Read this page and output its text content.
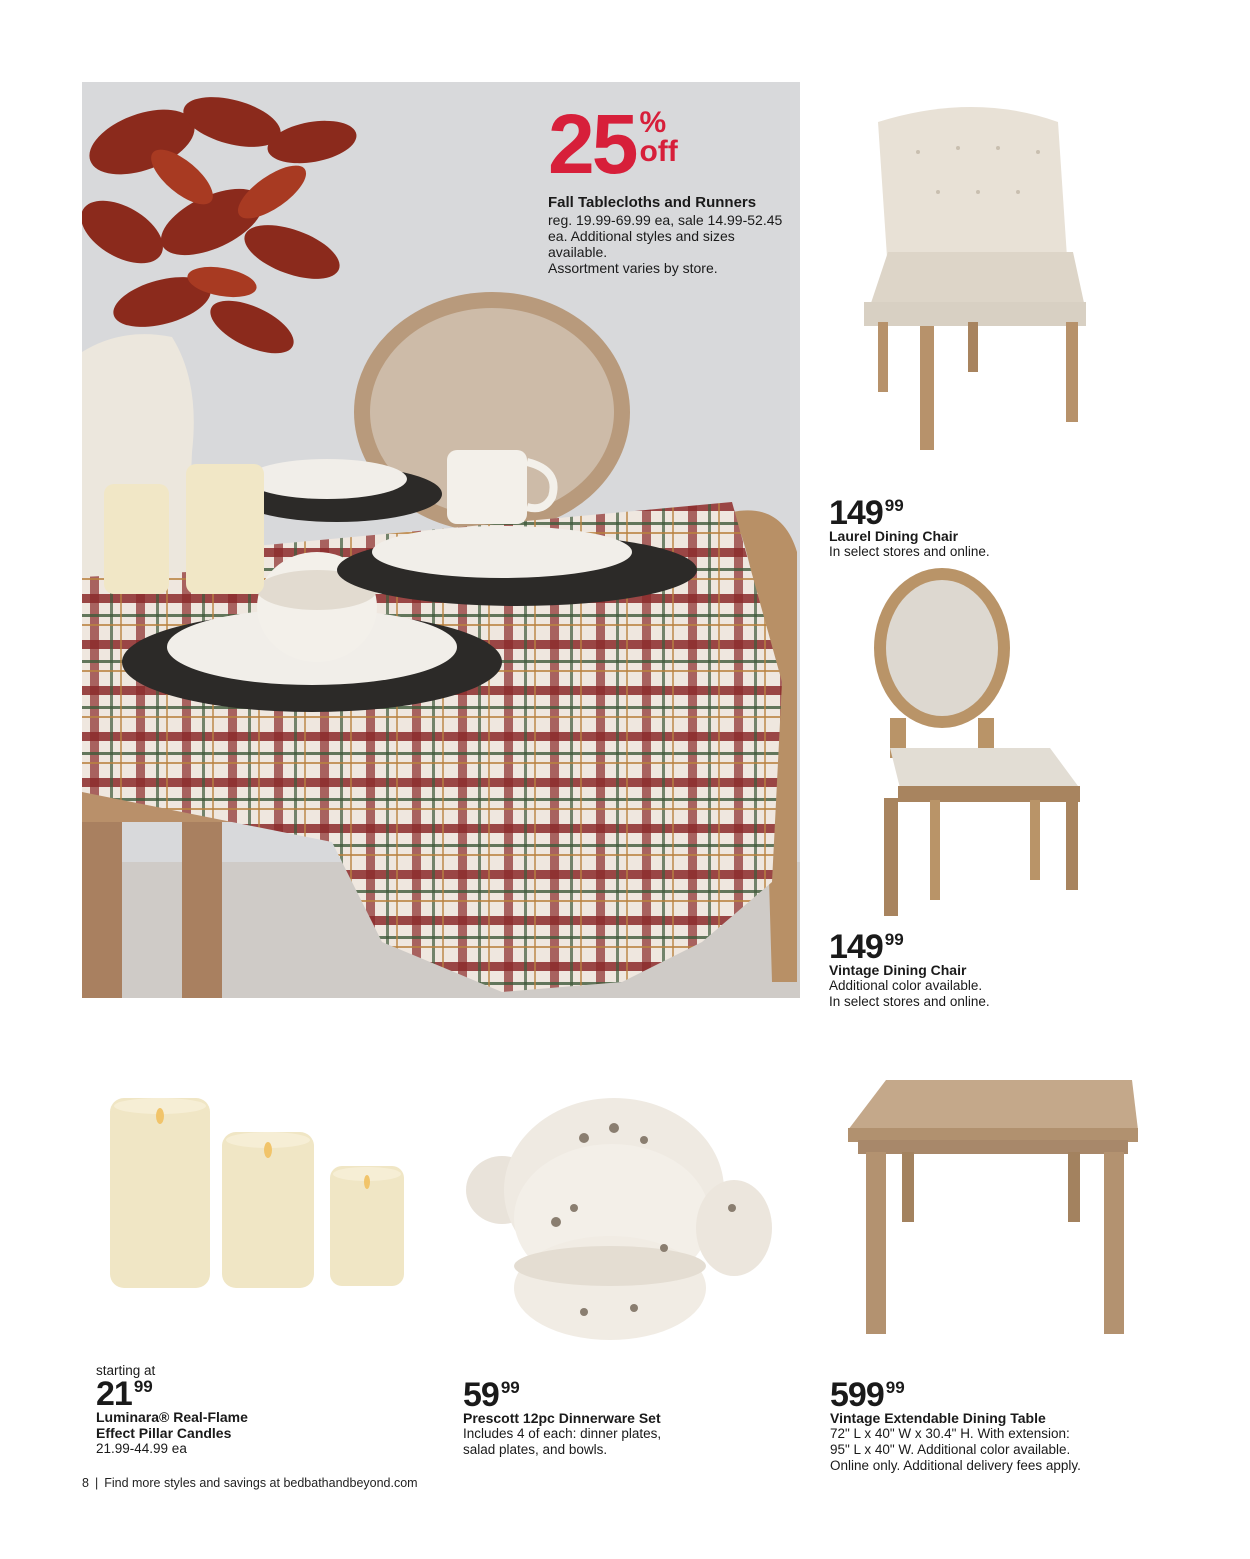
25 %
off
Fall Tablecloths and Runners
reg. 19.99-69.99 ea, sale 14.99-52.45
ea. Additional styles and sizes available.
Assortment varies by store.
149 99
Laurel Dining Chair
In select stores and online.
149 99
Vintage Dining Chair
Additional color available.
In select stores and online.
starting at
21 99
Luminara® Real-Flame
Effect Pillar Candles
21.99-44.99 ea
59 99
Prescott 12pc Dinnerware Set
Includes 4 of each: dinner plates,
salad plates, and bowls.
599 99
Vintage Extendable Dining Table
72" L x 40" W x 30.4" H. With extension:
95" L x 40" W. Additional color available.
Online only. Additional delivery fees apply.
8 | Find more styles and savings at bedbathandbeyond.com
